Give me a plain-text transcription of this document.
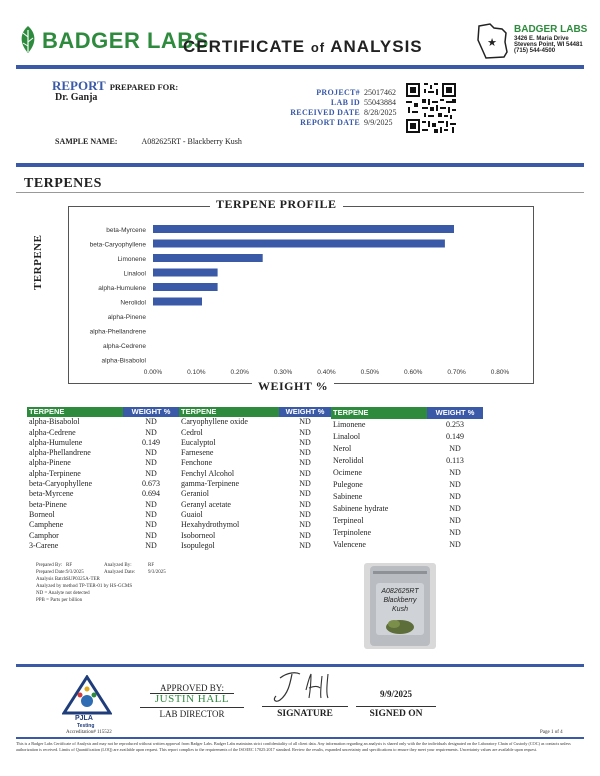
BADGER LABS
CERTIFICATE of ANALYSIS	★
BADGER LABS
3426 E. Maria Drive
Stevens Point, WI 54481
(715) 544-4500
REPORT PREPARED FOR:
Dr. Ganja	PROJECT# 25017462
LAB ID 55043884
RECEIVED DATE 8/28/2025
REPORT DATE 9/9/2025
SAMPLE NAME:	A082625RT - Blackberry Kush
TERPENES
TERPENE PROFILE
TERPENE
WEIGHT %
beta-Myrcene
beta-Caryophyllene
Limonene
Linalool
alpha-Humulene
Nerolidol
alpha-Pinene
alpha-Phellandrene
alpha-Cedrene
alpha-Bisabolol
0.00%	0.10%	0.20%	0.30%	0.40%	0.50%	0.60%	0.70%	0.80%
TERPENE	WEIGHT %
alpha-Bisabolol	ND
alpha-Cedrene	ND
alpha-Humulene	0.149
alpha-Phellandrene	ND
alpha-Pinene	ND
alpha-Terpinene	ND
beta-Caryophyllene	0.673
beta-Myrcene	0.694
beta-Pinene	ND
Borneol	ND
Camphene	ND
Camphor	ND
3-Carene	ND
TERPENE	WEIGHT %
Caryophyllene oxide	ND
Cedrol	ND
Eucalyptol	ND
Farnesene	ND
Fenchone	ND
Fenchyl Alcohol	ND
gamma-Terpinene	ND
Geraniol	ND
Geranyl acetate	ND
Guaiol	ND
Hexahydrothymol	ND
Isoborneol	ND
Isopulegol	ND
TERPENE	WEIGHT %
Limonene	0.253
Linalool	0.149
Nerol	ND
Nerolidol	0.113
Ocimene	ND
Pulegone	ND
Sabinene	ND
Sabinene hydrate	ND
Terpineol	ND
Terpinolene	ND
Valencene	ND
Prepared By: RF	Analyzed By:	RF
Prepared Date:9/3/2025	Analyzed Date:	9/3/2025
Analysis Batch:SUP0325A-TER
Analyzed by method TP-TER-01 by HS-GCMS
ND = Analyte not detected
PPB = Parts per billion
A082625RT Blackberry Kush
PJLA
Testing
Accreditation# 115522
APPROVED BY:
JUSTIN HALL
LAB DIRECTOR	SIGNATURE
9/9/2025
SIGNED ON
Page 1 of 4
This is a Badger Labs Certificate of Analysis and may not be reproduced without written approval from Badger Labs. Badger Labs maintains strict confidentiality of all client data. Any information regarding an analysis is shared only with the the individuals designated on the Laboratory Chain of Custody (COC) as contacts unless authorization is received. Limits of Quantification (LOQ) are available upon request. This report complies to the requirements of the ISO/IEC 17025:2017 standard. Review the results, expanded uncertainty and specifications to ensure they meet your requirements. Uncertainty values are available upon request.
